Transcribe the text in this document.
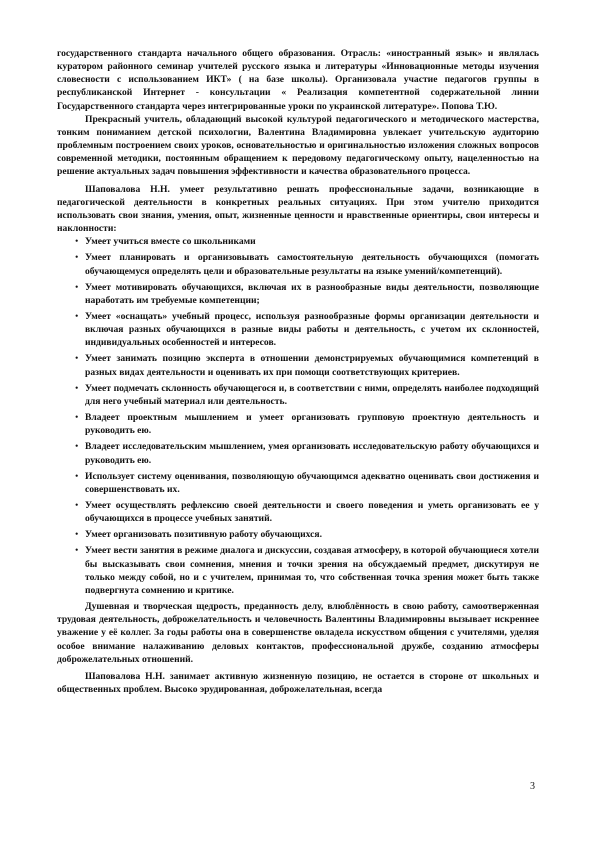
государственного стандарта начального общего образования. Отрасль: «иностранный язык» и являлась куратором районного семинар учителей русского языка и литературы «Инновационные методы изучения словесности с использованием ИКТ» ( на базе школы). Организовала участие педагогов группы в республиканской Интернет - консультации « Реализация компетентной содержательной линии Государственного стандарта через интегрированные уроки по украинской литературе». Попова Т.Ю.

Прекрасный учитель, обладающий высокой культурой педагогического и методического мастерства, тонким пониманием детской психологии, Валентина Владимировна увлекает учительскую аудиторию проблемным построением своих уроков, основательностью и оригинальностью изложения сложных вопросов современной методики, постоянным обращением к передовому педагогическому опыту, нацеленностью на решение актуальных задач повышения эффективности и качества образовательного процесса.

Шаповалова Н.Н. умеет результативно решать профессиональные задачи, возникающие в педагогической деятельности в конкретных реальных ситуациях. При этом учителю приходится использовать свои знания, умения, опыт, жизненные ценности и нравственные ориентиры, свои интересы и наклонности:

• Умеет учиться вместе со школьниками
• Умеет планировать и организовывать самостоятельную деятельность обучающихся (помогать обучающемуся определять цели и образовательные результаты на языке умений/компетенций).
• Умеет мотивировать обучающихся, включая их в разнообразные виды деятельности, позволяющие наработать им требуемые компетенции;
• Умеет «оснащать» учебный процесс, используя разнообразные формы организации деятельности и включая разных обучающихся в разные виды работы и деятельность, с учетом их склонностей, индивидуальных особенностей и интересов.
• Умеет занимать позицию эксперта в отношении демонстрируемых обучающимися компетенций в разных видах деятельности и оценивать их при помощи соответствующих критериев.
• Умеет подмечать склонность обучающегося и, в соответствии с ними, определять наиболее подходящий для него учебный материал или деятельность.
• Владеет проектным мышлением и умеет организовать групповую проектную деятельность и руководить ею.
• Владеет исследовательским мышлением, умея организовать исследовательскую работу обучающихся и руководить ею.
• Использует систему оценивания, позволяющую обучающимся адекватно оценивать свои достижения и совершенствовать их.
• Умеет осуществлять рефлексию своей деятельности и своего поведения и уметь организовать ее у обучающихся в процессе учебных занятий.
• Умеет организовать позитивную работу обучающихся.
• Умеет вести занятия в режиме диалога и дискуссии, создавая атмосферу, в которой обучающиеся хотели бы высказывать свои сомнения, мнения и точки зрения на обсуждаемый предмет, дискутируя не только между собой, но и с учителем, принимая то, что собственная точка зрения может быть также подвергнута сомнению и критике.

Душевная и творческая щедрость, преданность делу, влюблённость в свою работу, самоотверженная трудовая деятельность, доброжелательность и человечность Валентины Владимировны вызывает искреннее уважение у её коллег. За годы работы она в совершенстве овладела искусством общения с учителями, уделяя особое внимание налаживанию деловых контактов, профессиональной дружбе, созданию атмосферы доброжелательных отношений.

Шаповалова Н.Н. занимает активную жизненную позицию, не остается в стороне от школьных и общественных проблем. Высоко эрудированная, доброжелательная, всегда

3
